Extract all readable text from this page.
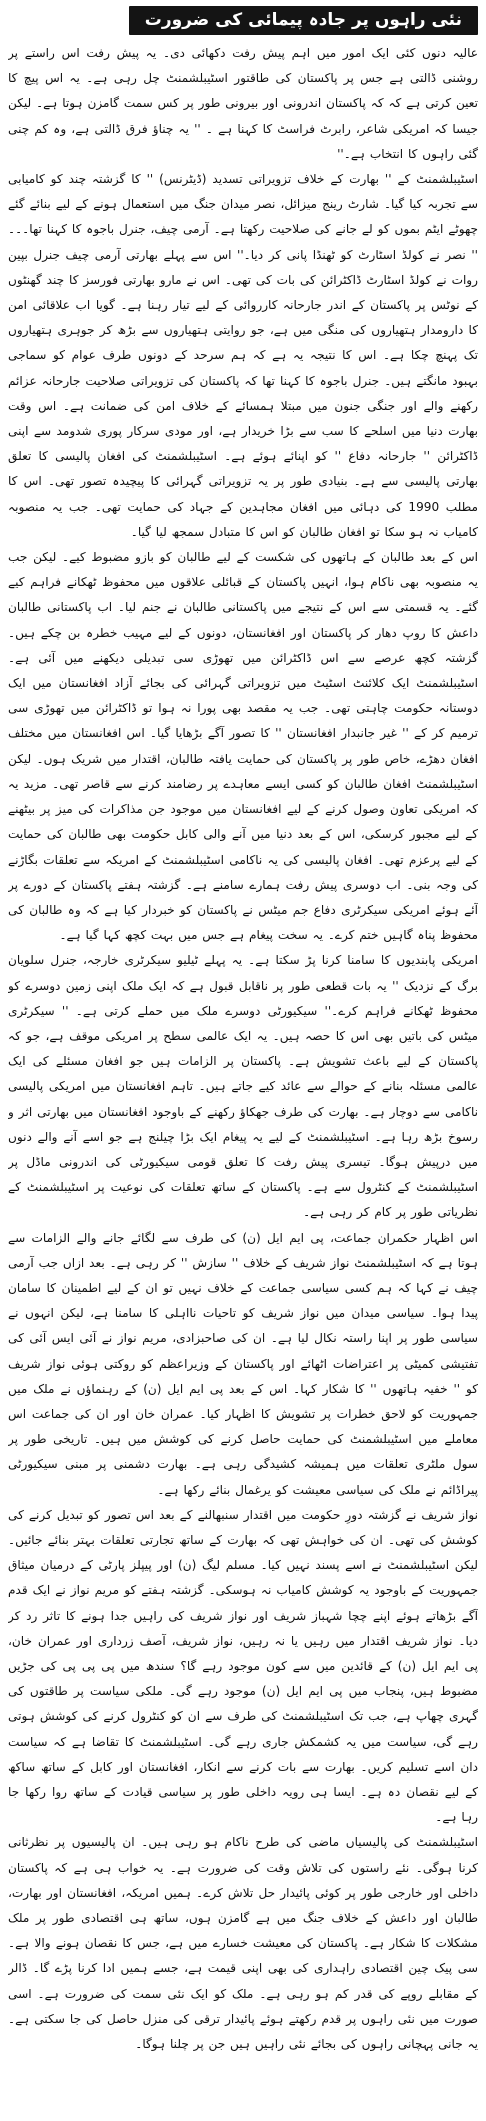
نئی راہوں پر جادہ پیمائی کی ضرورت

عالیہ دنوں کئی ایک امور میں اہم پیش رفت دکھائی دی۔ یہ پیش رفت اس راستے پر روشنی ڈالتی ہے جس پر پاکستان کی طاقتور اسٹیبلشمنٹ چل رہی ہے۔ یہ اس پیچ کا تعین کرتی ہے کہ کہ پاکستان اندرونی اور بیرونی طور پر کس سمت گامزن ہوتا ہے۔ لیکن جیسا کہ امریکی شاعر، رابرٹ فراسٹ کا کہنا ہے ۔ '' یہ چناؤ فرق ڈالتی ہے، وہ کم چنی گئی راہوں کا انتخاب ہے۔''

اسٹیبلشمنٹ کے '' بھارت کے خلاف تزویراتی تسدید (ڈیٹرنس) '' کا گزشتہ چند کو کامیابی سے تجربہ کیا گیا۔ شارٹ رینج میزائل، نصر میدان جنگ میں استعمال ہونے کے لیے بنائے گئے چھوٹے ایٹم بموں کو لے جانے کی صلاحیت رکھتا ہے۔ آرمی چیف، جنرل باجوہ کا کہنا تھا۔۔۔ '' نصر نے کولڈ اسٹارٹ کو ٹھنڈا پانی کر دیا۔'' اس سے پہلے بھارتی آرمی چیف جنرل بپین روات نے کولڈ اسٹارٹ ڈاکٹرائن کی بات کی تھی۔ اس نے مارو بھارتی فورسز کا چند گھنٹوں کے نوٹس پر پاکستان کے اندر جارحانہ کارروائی کے لیے تیار رہنا ہے۔ گویا اب علاقائی امن کا دارومدار ہتھیاروں کی منگی میں ہے، جو روایتی ہتھیاروں سے بڑھ کر جوہری ہتھیاروں تک پہنچ چکا ہے۔ اس کا نتیجہ یہ ہے کہ ہم سرحد کے دونوں طرف عوام کو سماجی بہبود مانگتے ہیں۔ جنرل باجوہ کا کہنا تھا کہ پاکستان کی تزویراتی صلاحیت جارحانہ عزائم رکھنے والے اور جنگی جنون میں مبتلا ہمسائے کے خلاف امن کی ضمانت ہے۔ اس وقت بھارت دنیا میں اسلحے کا سب سے بڑا خریدار ہے، اور مودی سرکار پوری شدومد سے اپنی ڈاکٹرائن '' جارحانہ دفاع '' کو اپنائے ہوئے ہے۔ اسٹیبلشمنٹ کی افغان پالیسی کا تعلق بھارتی پالیسی سے ہے۔ بنیادی طور پر یہ تزویراتی گہرائی کا پیچیدہ تصور تھی۔ اس کا مطلب 1990 کی دہائی میں افغان مجاہدین کے جہاد کی حمایت تھی۔ جب یہ منصوبہ کامیاب نہ ہو سکا تو افغان طالبان کو اس کا متبادل سمجھ لیا گیا۔

اس کے بعد طالبان کے ہاتھوں کی شکست کے لیے طالبان کو بازو مضبوط کیے۔ لیکن جب یہ منصوبہ بھی ناکام ہوا، انہیں پاکستان کے قبائلی علاقوں میں محفوظ ٹھکانے فراہم کیے گئے۔ یہ قسمتی سے اس کے نتیجے میں پاکستانی طالبان نے جنم لیا۔ اب پاکستانی طالبان داعش کا روپ دھار کر پاکستان اور افغانستان، دونوں کے لیے مہیب خطرہ بن چکے ہیں۔ گزشتہ کچھ عرصے سے اس ڈاکٹرائن میں تھوڑی سی تبدیلی دیکھنے میں آئی ہے۔ اسٹیبلشمنٹ ایک کلائنٹ اسٹیٹ میں تزویراتی گہرائی کی بجائے آزاد افغانستان میں ایک دوستانہ حکومت چاہتی تھی۔ جب یہ مقصد بھی پورا نہ ہوا تو ڈاکٹرائن میں تھوڑی سی ترمیم کر کے '' غیر جانبدار افغانستان '' کا تصور آگے بڑھایا گیا۔ اس افغانستان میں مختلف افغان دھڑے، خاص طور پر پاکستان کی حمایت یافتہ طالبان، اقتدار میں شریک ہوں۔ لیکن اسٹیبلشمنٹ افغان طالبان کو کسی ایسے معاہدے پر رضامند کرنے سے قاصر تھی۔ مزید یہ کہ امریکی تعاون وصول کرنے کے لیے افغانستان میں موجود جن مذاکرات کی میز پر بیٹھنے کے لیے مجبور کرسکی، اس کے بعد دنیا میں آنے والی کابل حکومت بھی طالبان کی حمایت کے لیے پرعزم تھی۔ افغان پالیسی کی یہ ناکامی اسٹیبلشمنٹ کے امریکہ سے تعلقات بگاڑنے کی وجہ بنی۔ اب دوسری پیش رفت ہمارے سامنے ہے۔ گزشتہ ہفتے پاکستان کے دورے پر آئے ہوئے امریکی سیکرٹری دفاع جم میٹس نے پاکستان کو خبردار کیا ہے کہ وہ طالبان کی محفوظ پناہ گاہیں ختم کرے۔ یہ سخت پیغام ہے جس میں بہت کچھ کہا گیا ہے۔

امریکی پابندیوں کا سامنا کرنا پڑ سکتا ہے۔ یہ پہلے ٹیلیو سیکرٹری خارجہ، جنرل سلویان برگ کے نزدیک '' یہ بات قطعی طور پر ناقابل قبول ہے کہ ایک ملک اپنی زمین دوسرے کو محفوظ ٹھکانے فراہم کرے۔'' سیکیورٹی دوسرے ملک میں حملے کرتی ہے۔ '' سیکرٹری میٹس کی باتیں بھی اس کا حصہ ہیں۔ یہ ایک عالمی سطح پر امریکی موقف ہے، جو کہ پاکستان کے لیے باعث تشویش ہے۔ پاکستان پر الزامات ہیں جو افغان مسئلے کی ایک عالمی مسئلہ بنانے کے حوالے سے عائد کیے جاتے ہیں۔ تاہم افغانستان میں امریکی پالیسی ناکامی سے دوچار ہے۔ بھارت کی طرف جھکاؤ رکھنے کے باوجود افغانستان میں بھارتی اثر و رسوخ بڑھ رہا ہے۔ اسٹیبلشمنٹ کے لیے یہ پیغام ایک بڑا چیلنج ہے جو اسے آنے والے دنوں میں درپیش ہوگا۔ تیسری پیش رفت کا تعلق قومی سیکیورٹی کی اندرونی ماڈل پر اسٹیبلشمنٹ کے کنٹرول سے ہے۔ پاکستان کے ساتھ تعلقات کی نوعیت پر اسٹیبلشمنٹ کے نظریاتی طور پر کام کر رہی ہے۔

اس اظہار حکمران جماعت، پی ایم ایل (ن) کی طرف سے لگائے جانے والے الزامات سے ہوتا ہے کہ اسٹیبلشمنٹ نواز شریف کے خلاف '' سازش '' کر رہی ہے۔ بعد ازاں جب آرمی چیف نے کہا کہ ہم کسی سیاسی جماعت کے خلاف نہیں تو ان کے لیے اطمینان کا سامان پیدا ہوا۔ سیاسی میدان میں نواز شریف کو تاحیات نااہلی کا سامنا ہے، لیکن انہوں نے سیاسی طور پر اپنا راستہ نکال لیا ہے۔ ان کی صاحبزادی، مریم نواز نے آئی ایس آئی کی تفتیشی کمیٹی پر اعتراضات اٹھائے اور پاکستان کے وزیراعظم کو روکتی ہوئی نواز شریف کو '' خفیہ ہاتھوں '' کا شکار کہا۔ اس کے بعد پی ایم ایل (ن) کے رہنماؤں نے ملک میں جمہوریت کو لاحق خطرات پر تشویش کا اظہار کیا۔ عمران خان اور ان کی جماعت اس معاملے میں اسٹیبلشمنٹ کی حمایت حاصل کرنے کی کوشش میں ہیں۔ تاریخی طور پر سول ملٹری تعلقات میں ہمیشہ کشیدگی رہی ہے۔ بھارت دشمنی پر مبنی سیکیورٹی پیراڈائم نے ملک کی سیاسی معیشت کو یرغمال بنائے رکھا ہے۔

نواز شریف نے گزشتہ دورِ حکومت میں اقتدار سنبھالنے کے بعد اس تصور کو تبدیل کرنے کی کوشش کی تھی۔ ان کی خواہش تھی کہ بھارت کے ساتھ تجارتی تعلقات بہتر بنائے جائیں۔ لیکن اسٹیبلشمنٹ نے اسے پسند نہیں کیا۔ مسلم لیگ (ن) اور پیپلز پارٹی کے درمیان میثاق جمہوریت کے باوجود یہ کوشش کامیاب نہ ہوسکی۔ گزشتہ ہفتے کو مریم نواز نے ایک قدم آگے بڑھاتے ہوئے اپنے چچا شہباز شریف اور نواز شریف کی راہیں جدا ہونے کا تاثر رد کر دیا۔ نواز شریف اقتدار میں رہیں یا نہ رہیں، نواز شریف، آصف زرداری اور عمران خان، پی ایم ایل (ن) کے قائدین میں سے کون موجود رہے گا؟ سندھ میں پی پی پی کی جڑیں مضبوط ہیں، پنجاب میں پی ایم ایل (ن) موجود رہے گی۔ ملکی سیاست پر طاقتوں کی گہری چھاپ ہے، جب تک اسٹیبلشمنٹ کی طرف سے ان کو کنٹرول کرنے کی کوشش ہوتی رہے گی، سیاست میں یہ کشمکش جاری رہے گی۔ اسٹیبلشمنٹ کا تقاضا ہے کہ سیاست دان اسے تسلیم کریں۔ بھارت سے بات کرنے سے انکار، افغانستان اور کابل کے ساتھ ساکھ کے لیے نقصان دہ ہے۔ ایسا ہی رویہ داخلی طور پر سیاسی قیادت کے ساتھ روا رکھا جا رہا ہے۔

اسٹیبلشمنٹ کی پالیسیاں ماضی کی طرح ناکام ہو رہی ہیں۔ ان پالیسیوں پر نظرثانی کرنا ہوگی۔ نئے راستوں کی تلاش وقت کی ضرورت ہے۔ یہ خواب ہی ہے کہ پاکستان داخلی اور خارجی طور پر کوئی پائیدار حل تلاش کرے۔ ہمیں امریکہ، افغانستان اور بھارت، طالبان اور داعش کے خلاف جنگ میں ہے گامزن ہوں، ساتھ ہی اقتصادی طور پر ملک مشکلات کا شکار ہے۔ پاکستان کی معیشت خسارے میں ہے، جس کا نقصان ہونے والا ہے۔ سی پیک چین اقتصادی راہداری کی بھی اپنی قیمت ہے، جسے ہمیں ادا کرنا پڑے گا۔ ڈالر کے مقابلے روپے کی قدر کم ہو رہی ہے۔ ملک کو ایک نئی سمت کی ضرورت ہے۔ اسی صورت میں نئی راہوں پر قدم رکھتے ہوئے پائیدار ترقی کی منزل حاصل کی جا سکتی ہے۔ یہ جانی پہچانی راہوں کی بجائے نئی راہیں ہیں جن پر چلنا ہوگا۔
